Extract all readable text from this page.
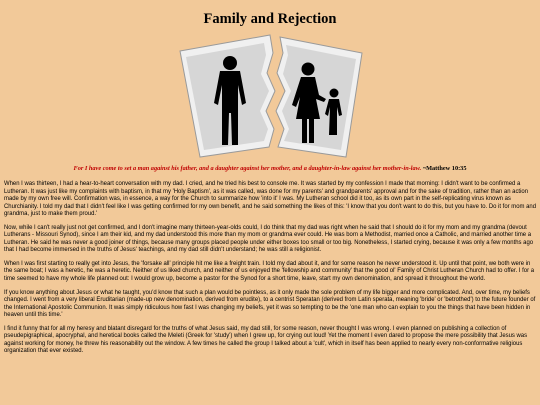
Family and Rejection
For I have come to set a man against his father, and a daughter against her mother, and a daughter-in-law against her mother-in-law. ~Matthew 10:35

When I was thirteen, I had a hear-to-heart conversation with my dad. I cried, and he tried his best to console me. It was started by my confession I made that morning: I didn't want to be confirmed a Lutheran. It was just like my complaints with baptism, in that my 'Holy Baptism', as it was called, was done for my parents' and grandparents' approval and for the sake of tradition, rather than an action made by my own free will. Confirmation was, in essence, a way for the Church to summarize how 'into it' I was. My Lutheran school did it too, as its own part in the self-replicating virus known as Churchianity. I told my dad that I didn't feel like I was getting confirmed for my own benefit, and he said something the likes of this: 'I know that you don't want to do this, but you have to. Do it for mom and grandma, just to make them proud.'

Now, while I can't really just not get confirmed, and I don't imagine many thirteen-year-olds could, I do think that my dad was right when he said that I should do it for my mom and my grandma (devout Lutherans - Missouri Synod), since I am their kid, and my dad understood this more than my mom or grandma ever could. He was born a Methodist, married once a Catholic, and married another time a Lutheran. He said he was never a good joiner of things, because many groups placed people under either boxes too small or too big. Nonetheless, I started crying, because it was only a few months ago that I had become immersed in the truths of Jesus' teachings, and my dad still didn't understand; he was still a religionist.

When I was first starting to really get into Jesus, the 'forsake all' principle hit me like a freight train. I told my dad about it, and for some reason he never understood it. Up until that point, we both were in the same boat; I was a heretic, he was a heretic. Neither of us liked church, and neither of us enjoyed the 'fellowship and community' that the good ol' Family of Christ Lutheran Church had to offer. I for a time seemed to have my whole life planned out: I would grow up, become a pastor for the Synod for a short time, leave, start my own denomination, and spread it throughout the world.

If you know anything about Jesus or what he taught, you'd know that such a plan would be pointless, as it only made the sole problem of my life bigger and more complicated. And, over time, my beliefs changed. I went from a very liberal Eruditarian (made-up new denomination, derived from erudite), to a centrist Speratan (derived from Latin sperata, meaning 'bride' or 'betrothed') to the future founder of the International Apostolic Communion. It was simply ridiculous how fast I was changing my beliefs, yet it was so tempting to be the 'one man who can explain to you the things that have been hidden in heaven until this time.'

I find it funny that for all my heresy and blatant disregard for the truths of what Jesus said, my dad still, for some reason, never thought I was wrong. I even planned on publishing a collection of pseudepigraphical, apocryphal, and heretical books called the Meleti (Greek for 'study') when I grew up, for crying out loud! Yet the moment I even dared to propose the mere possibility that Jesus was against working for money, he threw his reasonability out the window. A few times he called the group I talked about a 'cult', which in itself has been applied to nearly every non-conformative religious organization that ever existed.
